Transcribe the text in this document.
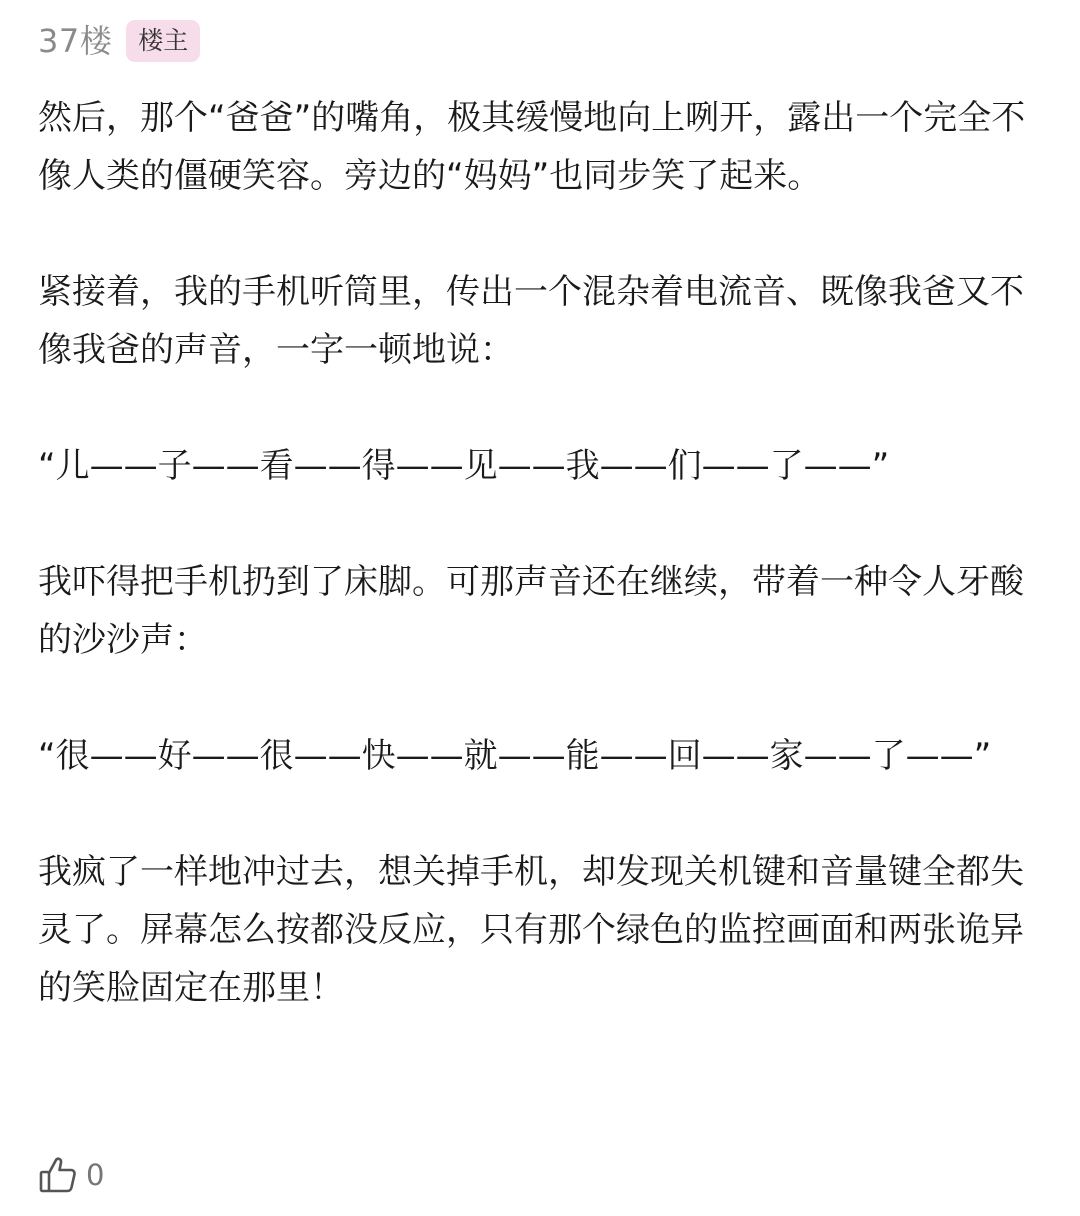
37楼	楼主

然后，那个“爸爸”的嘴角，极其缓慢地向上咧开，露出一个完全不像人类的僵硬笑容。旁边的“妈妈”也同步笑了起来。

紧接着，我的手机听筒里，传出一个混杂着电流音、既像我爸又不像我爸的声音，一字一顿地说：

“儿——子——看——得——见——我——们——了——”

我吓得把手机扔到了床脚。可那声音还在继续，带着一种令人牙酸的沙沙声：

“很——好——很——快——就——能——回——家——了——”

我疯了一样地冲过去，想关掉手机，却发现关机键和音量键全都失灵了。屏幕怎么按都没反应，只有那个绿色的监控画面和两张诡异的笑脸固定在那里！

0
